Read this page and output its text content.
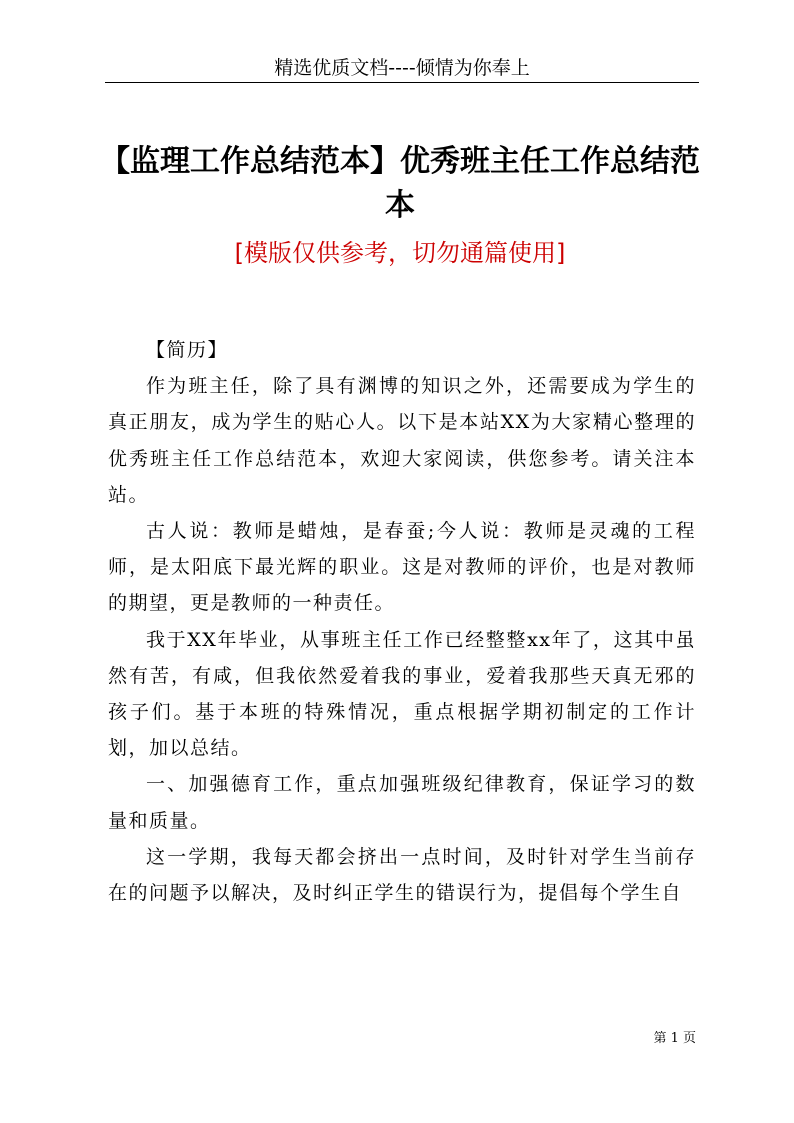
精选优质文档----倾情为你奉上
【监理工作总结范本】优秀班主任工作总结范本
[模版仅供参考，切勿通篇使用]

【简历】

作为班主任，除了具有渊博的知识之外，还需要成为学生的真正朋友，成为学生的贴心人。以下是本站XX为大家精心整理的优秀班主任工作总结范本，欢迎大家阅读，供您参考。请关注本站。

古人说：教师是蜡烛，是春蚕;今人说：教师是灵魂的工程师，是太阳底下最光辉的职业。这是对教师的评价，也是对教师的期望，更是教师的一种责任。

我于XX年毕业，从事班主任工作已经整整xx年了，这其中虽然有苦，有咸，但我依然爱着我的事业，爱着我那些天真无邪的孩子们。基于本班的特殊情况，重点根据学期初制定的工作计划，加以总结。

一、加强德育工作，重点加强班级纪律教育，保证学习的数量和质量。

这一学期，我每天都会挤出一点时间，及时针对学生当前存在的问题予以解决，及时纠正学生的错误行为，提倡每个学生自

第 1 页
